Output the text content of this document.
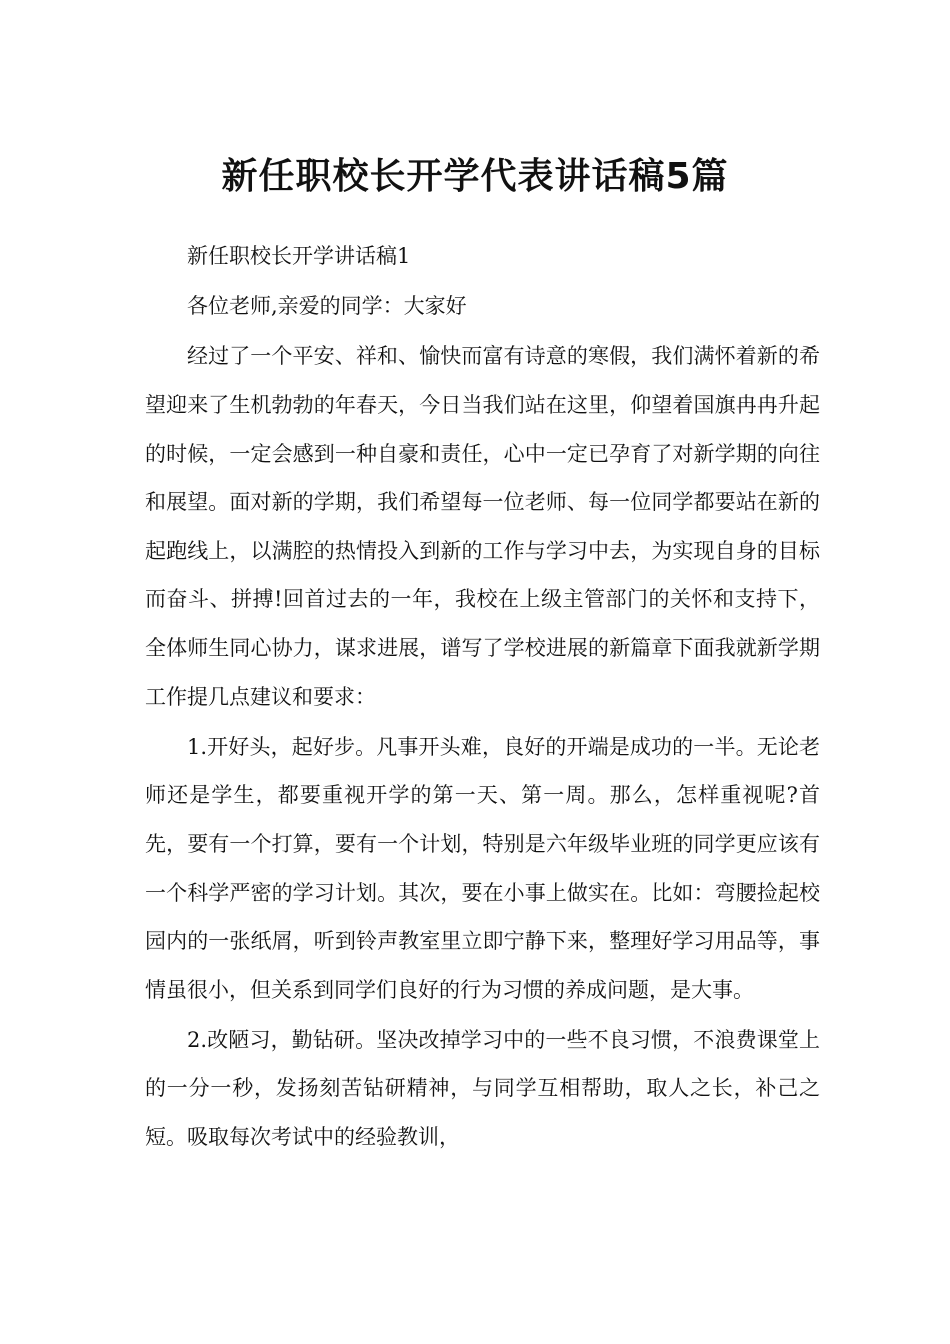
新任职校长开学代表讲话稿5篇

新任职校长开学讲话稿1

各位老师,亲爱的同学：大家好

经过了一个平安、祥和、愉快而富有诗意的寒假，我们满怀着新的希望迎来了生机勃勃的年春天，今日当我们站在这里，仰望着国旗冉冉升起的时候，一定会感到一种自豪和责任，心中一定已孕育了对新学期的向往和展望。面对新的学期，我们希望每一位老师、每一位同学都要站在新的起跑线上，以满腔的热情投入到新的工作与学习中去，为实现自身的目标而奋斗、拼搏!回首过去的一年，我校在上级主管部门的关怀和支持下，全体师生同心协力，谋求进展，谱写了学校进展的新篇章下面我就新学期工作提几点建议和要求：

1.开好头，起好步。凡事开头难，良好的开端是成功的一半。无论老师还是学生，都要重视开学的第一天、第一周。那么，怎样重视呢?首先，要有一个打算，要有一个计划，特别是六年级毕业班的同学更应该有一个科学严密的学习计划。其次，要在小事上做实在。比如：弯腰捡起校园内的一张纸屑，听到铃声教室里立即宁静下来，整理好学习用品等，事情虽很小，但关系到同学们良好的行为习惯的养成问题，是大事。

2.改陋习，勤钻研。坚决改掉学习中的一些不良习惯，不浪费课堂上的一分一秒，发扬刻苦钻研精神，与同学互相帮助，取人之长，补己之短。吸取每次考试中的经验教训，
